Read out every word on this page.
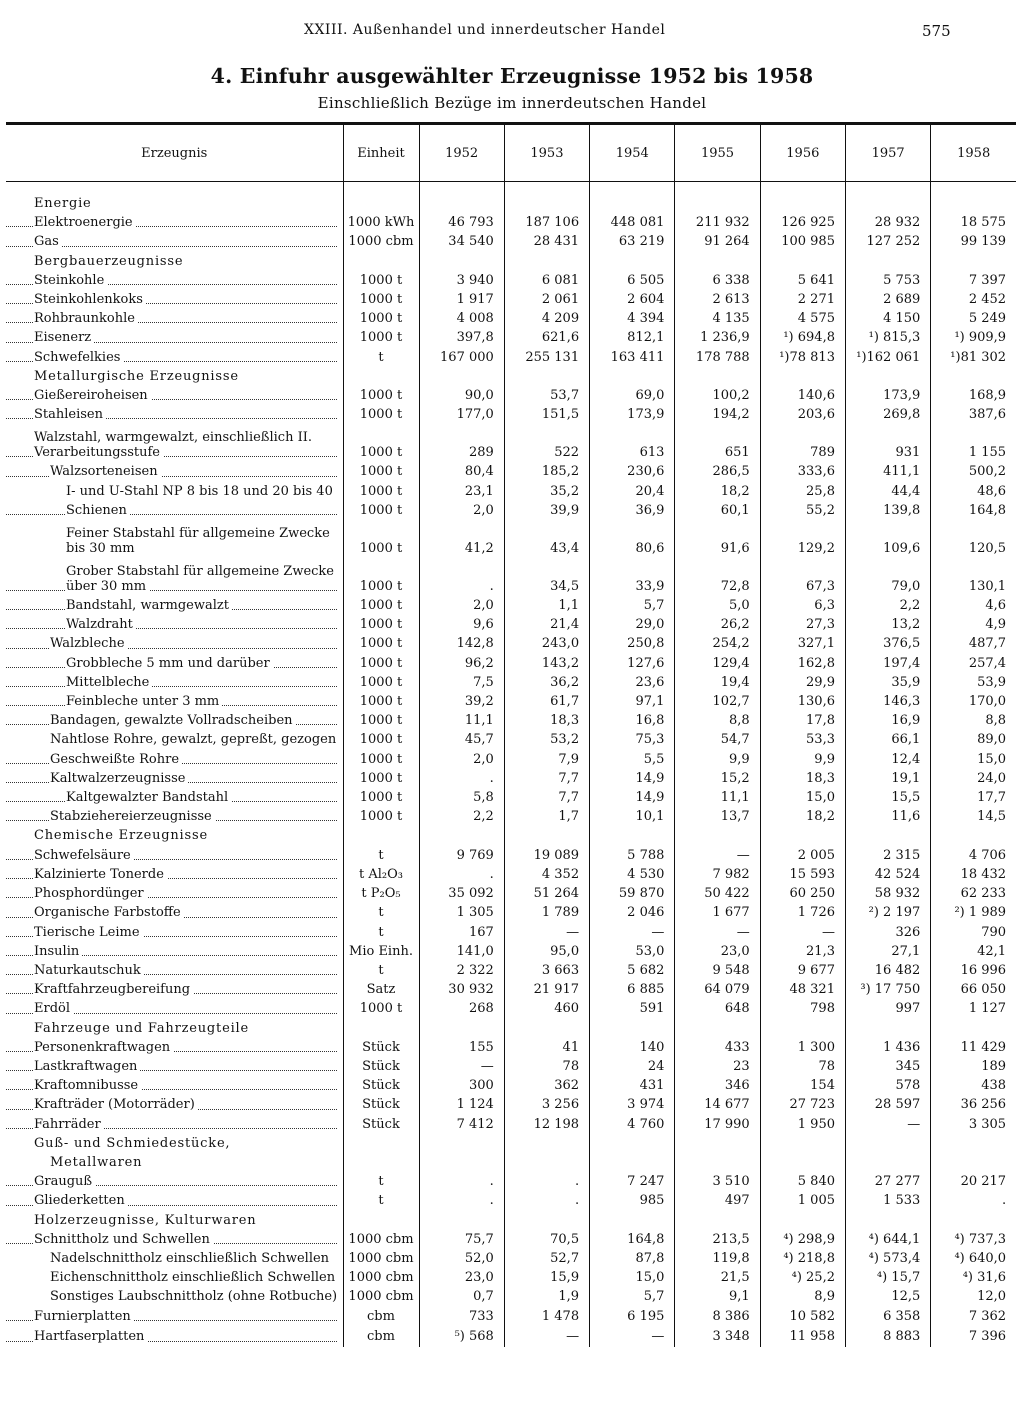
XXIII. Außenhandel und innerdeutscher Handel	575
4. Einfuhr ausgewählter Erzeugnisse 1952 bis 1958
Einschließlich Bezüge im innerdeutschen Handel

Erzeugnis	Einheit	1952	1953	1954	1955	1956	1957	1958

Energie								
Elektroenergie	1000 kWh	46 793	187 106	448 081	211 932	126 925	28 932	18 575
Gas	1000 cbm	34 540	28 431	63 219	91 264	100 985	127 252	99 139
Bergbauerzeugnisse								
Steinkohle	1000 t	3 940	6 081	6 505	6 338	5 641	5 753	7 397
Steinkohlenkoks	1000 t	1 917	2 061	2 604	2 613	2 271	2 689	2 452
Rohbraunkohle	1000 t	4 008	4 209	4 394	4 135	4 575	4 150	5 249
Eisenerz	1000 t	397,8	621,6	812,1	1 236,9	¹) 694,8	¹) 815,3	¹) 909,9
Schwefelkies	t	167 000	255 131	163 411	178 788	¹)78 813	¹)162 061	¹)81 302
Metallurgische Erzeugnisse								
Gießereiroheisen	1000 t	90,0	53,7	69,0	100,2	140,6	173,9	168,9
Stahleisen	1000 t	177,0	151,5	173,9	194,2	203,6	269,8	387,6

Walzstahl, warmgewalzt, einschließlich II.
Verarbeitungsstufe	1000 t	289	522	613	651	789	931	1 155
Walzsorteneisen	1000 t	80,4	185,2	230,6	286,5	333,6	411,1	500,2
I- und U-Stahl NP 8 bis 18 und 20 bis 40	1000 t	23,1	35,2	20,4	18,2	25,8	44,4	48,6
Schienen	1000 t	2,0	39,9	36,9	60,1	55,2	139,8	164,8

Feiner Stabstahl für allgemeine Zwecke
bis 30 mm	1000 t	41,2	43,4	80,6	91,6	129,2	109,6	120,5

Grober Stabstahl für allgemeine Zwecke
über 30 mm	1000 t	.	34,5	33,9	72,8	67,3	79,0	130,1
Bandstahl, warmgewalzt	1000 t	2,0	1,1	5,7	5,0	6,3	2,2	4,6
Walzdraht	1000 t	9,6	21,4	29,0	26,2	27,3	13,2	4,9
Walzbleche	1000 t	142,8	243,0	250,8	254,2	327,1	376,5	487,7
Grobbleche 5 mm und darüber	1000 t	96,2	143,2	127,6	129,4	162,8	197,4	257,4
Mittelbleche	1000 t	7,5	36,2	23,6	19,4	29,9	35,9	53,9
Feinbleche unter 3 mm	1000 t	39,2	61,7	97,1	102,7	130,6	146,3	170,0
Bandagen, gewalzte Vollradscheiben	1000 t	11,1	18,3	16,8	8,8	17,8	16,9	8,8
Nahtlose Rohre, gewalzt, gepreßt, gezogen	1000 t	45,7	53,2	75,3	54,7	53,3	66,1	89,0
Geschweißte Rohre	1000 t	2,0	7,9	5,5	9,9	9,9	12,4	15,0
Kaltwalzerzeugnisse	1000 t	.	7,7	14,9	15,2	18,3	19,1	24,0
Kaltgewalzter Bandstahl	1000 t	5,8	7,7	14,9	11,1	15,0	15,5	17,7
Stabziehereierzeugnisse	1000 t	2,2	1,7	10,1	13,7	18,2	11,6	14,5
Chemische Erzeugnisse								
Schwefelsäure	t	9 769	19 089	5 788	—	2 005	2 315	4 706
Kalzinierte Tonerde	t Al₂O₃	.	4 352	4 530	7 982	15 593	42 524	18 432
Phosphordünger	t P₂O₅	35 092	51 264	59 870	50 422	60 250	58 932	62 233
Organische Farbstoffe	t	1 305	1 789	2 046	1 677	1 726	²) 2 197	²) 1 989
Tierische Leime	t	167	—	—	—	—	326	790
Insulin	Mio Einh.	141,0	95,0	53,0	23,0	21,3	27,1	42,1
Naturkautschuk	t	2 322	3 663	5 682	9 548	9 677	16 482	16 996
Kraftfahrzeugbereifung	Satz	30 932	21 917	6 885	64 079	48 321	³) 17 750	66 050
Erdöl	1000 t	268	460	591	648	798	997	1 127
Fahrzeuge und Fahrzeugteile								
Personenkraftwagen	Stück	155	41	140	433	1 300	1 436	11 429
Lastkraftwagen	Stück	—	78	24	23	78	345	189
Kraftomnibusse	Stück	300	362	431	346	154	578	438
Krafträder (Motorräder)	Stück	1 124	3 256	3 974	14 677	27 723	28 597	36 256
Fahrräder	Stück	7 412	12 198	4 760	17 990	1 950	—	3 305
Guß- und Schmiedestücke,								
Metallwaren								
Grauguß	t	.	.	7 247	3 510	5 840	27 277	20 217
Gliederketten	t	.	.	985	497	1 005	1 533	.
Holzerzeugnisse, Kulturwaren								
Schnittholz und Schwellen	1000 cbm	75,7	70,5	164,8	213,5	⁴) 298,9	⁴) 644,1	⁴) 737,3
Nadelschnittholz einschließlich Schwellen	1000 cbm	52,0	52,7	87,8	119,8	⁴) 218,8	⁴) 573,4	⁴) 640,0
Eichenschnittholz einschließlich Schwellen	1000 cbm	23,0	15,9	15,0	21,5	⁴) 25,2	⁴) 15,7	⁴) 31,6
Sonstiges Laubschnittholz (ohne Rotbuche)	1000 cbm	0,7	1,9	5,7	9,1	8,9	12,5	12,0
Furnierplatten	cbm	733	1 478	6 195	8 386	10 582	6 358	7 362
Hartfaserplatten	cbm	⁵) 568	—	—	3 348	11 958	8 883	7 396
